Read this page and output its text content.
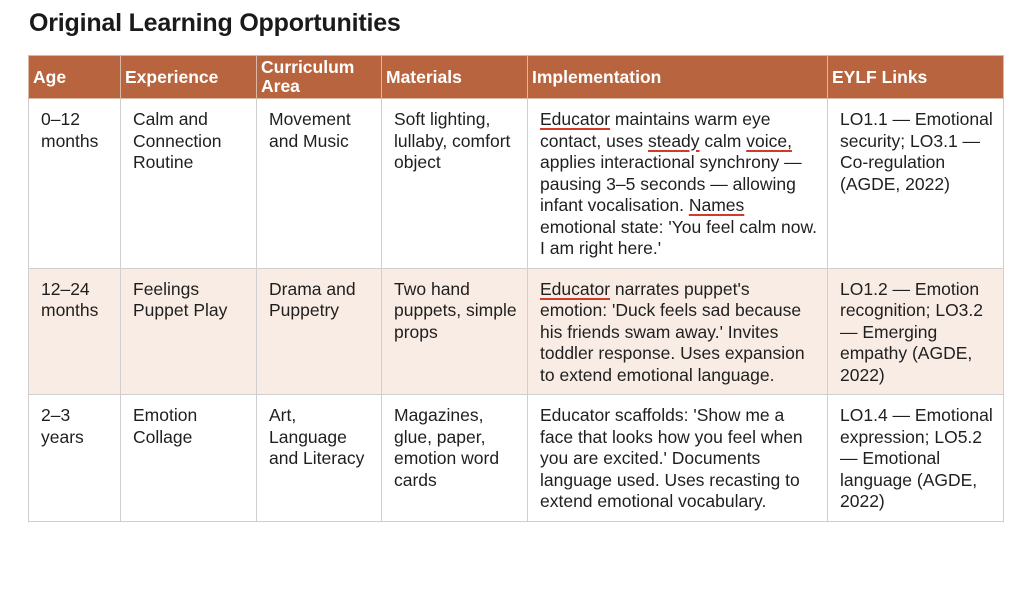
Original Learning Opportunities
Age	Experience	Curriculum Area	Materials	Implementation	EYLF Links
0–12 months	Calm and Connection Routine	Movement and Music	Soft lighting, lullaby, comfort object	Educator maintains warm eye contact, uses steady calm voice, applies interactional synchrony — pausing 3–5 seconds — allowing infant vocalisation. Names emotional state: 'You feel calm now. I am right here.'	LO1.1 — Emotional security; LO3.1 — Co-regulation (AGDE, 2022)
12–24 months	Feelings Puppet Play	Drama and Puppetry	Two hand puppets, simple props	Educator narrates puppet's emotion: 'Duck feels sad because his friends swam away.' Invites toddler response. Uses expansion to extend emotional language.	LO1.2 — Emotion recognition; LO3.2 — Emerging empathy (AGDE, 2022)
2–3 years	Emotion Collage	Art, Language and Literacy	Magazines, glue, paper, emotion word cards	Educator scaffolds: 'Show me a face that looks how you feel when you are excited.' Documents language used. Uses recasting to extend emotional vocabulary.	LO1.4 — Emotional expression; LO5.2 — Emotional language (AGDE, 2022)
